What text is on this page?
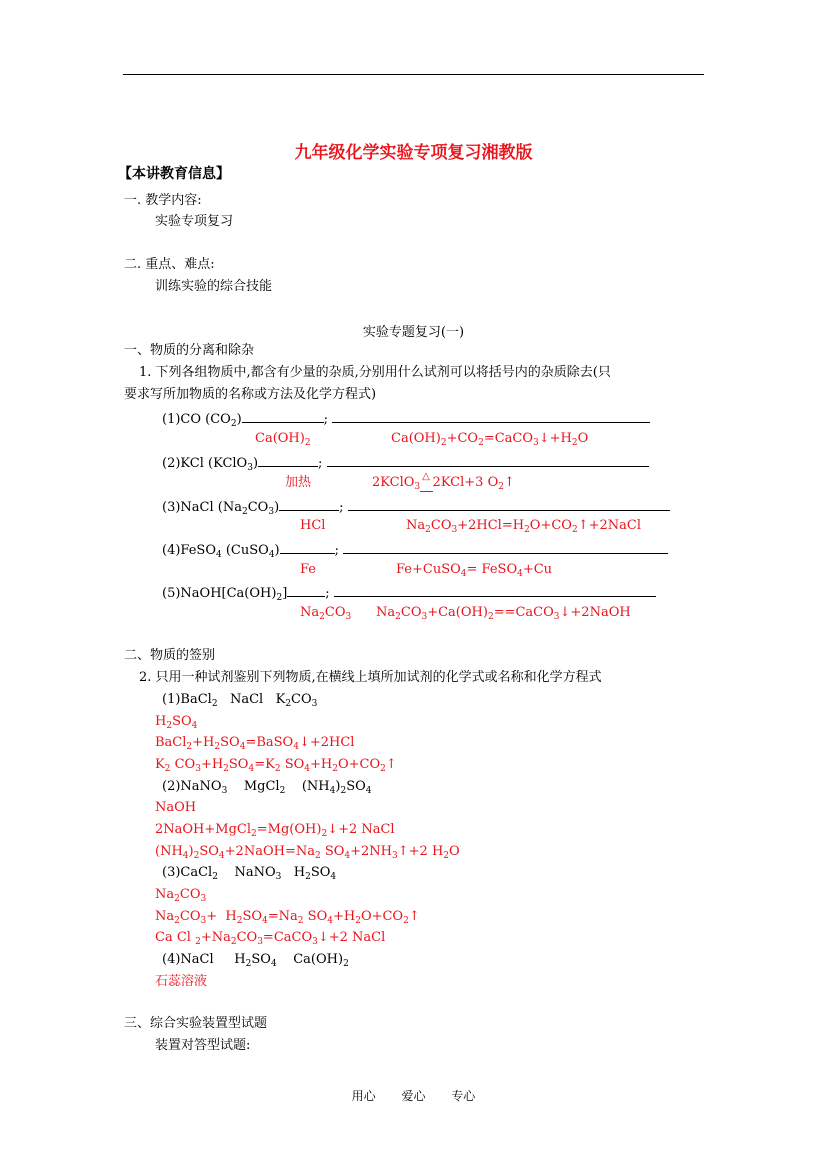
九年级化学实验专项复习湘教版
【本讲教育信息】
一. 教学内容:
实验专项复习
二. 重点、难点:
训练实验的综合技能
实验专题复习(一)
一、物质的分离和除杂
1. 下列各组物质中,都含有少量的杂质,分别用什么试剂可以将括号内的杂质除去(只
要求写所加物质的名称或方法及化学方程式)
(1)CO $(CO_2)$	;
$Ca(OH)_2$	$Ca(OH)_2+CO_2=CaCO_3↓+H_2O$
(2)KCl (KClO$_3$)	;
加热	2KClO$_3$
△ 2KCl+3 $O_2↑$
(3)NaCl $(Na_2CO_3)$	;
HCl	$Na_2CO_3+2HCl=H_2O+CO_2↑+2NaCl$
(4)FeSO$_4$ (CuSO$_4$)	;
Fe	Fe+CuSO$_4$= FeSO$_4$+Cu
$(5)NaOH[Ca(OH)_2]$	;
$Na_2CO_3$ $Na_2CO_3+Ca(OH)_2==CaCO_3↓+2NaOH$
二、物质的签别
2. 只用一种试剂鉴别下列物质,在横线上填所加试剂的化学式或名称和化学方程式
(1)BaCl$_2$   NaCl   $K_2CO_3$
$H_2SO_4$
$BaCl_2+H_2SO_4=BaSO_4↓+2HCl$
$K_2$ $CO_3+H_2SO_4=K_2$ $SO_4+H_2O+CO_2↑$
(2)NaNO$_3$    MgCl$_2$    $(NH_4)_2SO_4$
NaOH
$2NaOH+MgCl_2=Mg(OH)_2↓+2$ NaCl
$(NH_4)_2SO_4+2NaOH=Na_2$ $SO_4+2NH_3↑+2$ $H_2O$
(3)CaCl$_2$    NaNO$_3$   $H_2SO_4$
$Na_2CO_3$
$Na_2CO_3+ H_2SO_4=Na_2$ $SO_4+H_2O+CO_2↑$
Ca Cl $_2+Na_2CO_3=CaCO_3↓+2$ NaCl
(4)NaCl     $H_2SO_4$    $Ca(OH)_2$
石蕊溶液
三、综合实验装置型试题
装置对答型试题:
用心 爱心 专心
